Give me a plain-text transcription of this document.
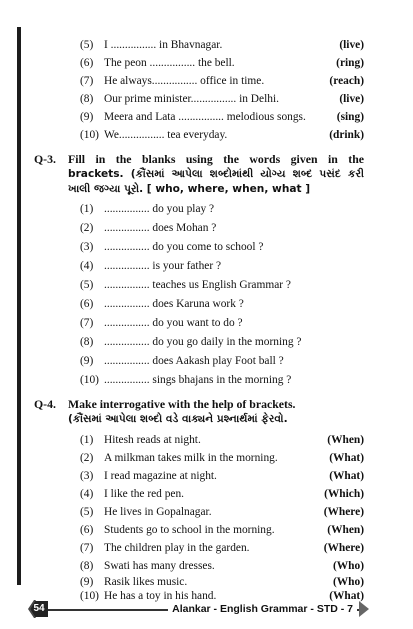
(5) I ................ in Bhavnagar.	(live)
(6) The peon ................ the bell.	(ring)
(7) He always................ office in time.	(reach)
(8) Our prime minister................ in Delhi.	(live)
(9) Meera and Lata ................ melodious songs.	(sing)
(10) We................ tea everyday.	(drink)
Q-3. Fill in the blanks using the words given in the
brackets. (કૌંસમાં આપેલા શબ્દોમાંથી યોગ્ય શબ્દ પસંદ કરી
ખાલી જગ્યા પૂરો. [ who, where, when, what ]
(1) ................ do you play ?
(2) ................ does Mohan ?
(3) ................ do you come to school ?
(4) ................ is your father ?
(5) ................ teaches us English Grammar ?
(6) ................ does Karuna work ?
(7) ................ do you want to do ?
(8) ................ do you go daily in the morning ?
(9) ................ does Aakash play Foot ball ?
(10) ................ sings bhajans in the morning ?
Q-4. Make interrogative with the help of brackets.
(કૌંસમાં આપેલા શબ્દો વડે વાક્યને પ્રશ્નાર્થમાં ફેરવો.
(1) Hitesh reads at night.	(When)
(2) A milkman takes milk in the morning.	(What)
(3) I read magazine at night.	(What)
(4) I like the red pen.	(Which)
(5) He lives in Gopalnagar.	(Where)
(6) Students go to school in the morning.	(When)
(7) The children play in the garden.	(Where)
(8) Swati has many dresses.	(Who)
(9) Rasik likes music.	(Who)
(10) He has a toy in his hand.	(What)
54	Alankar - English Grammar - STD - 7
